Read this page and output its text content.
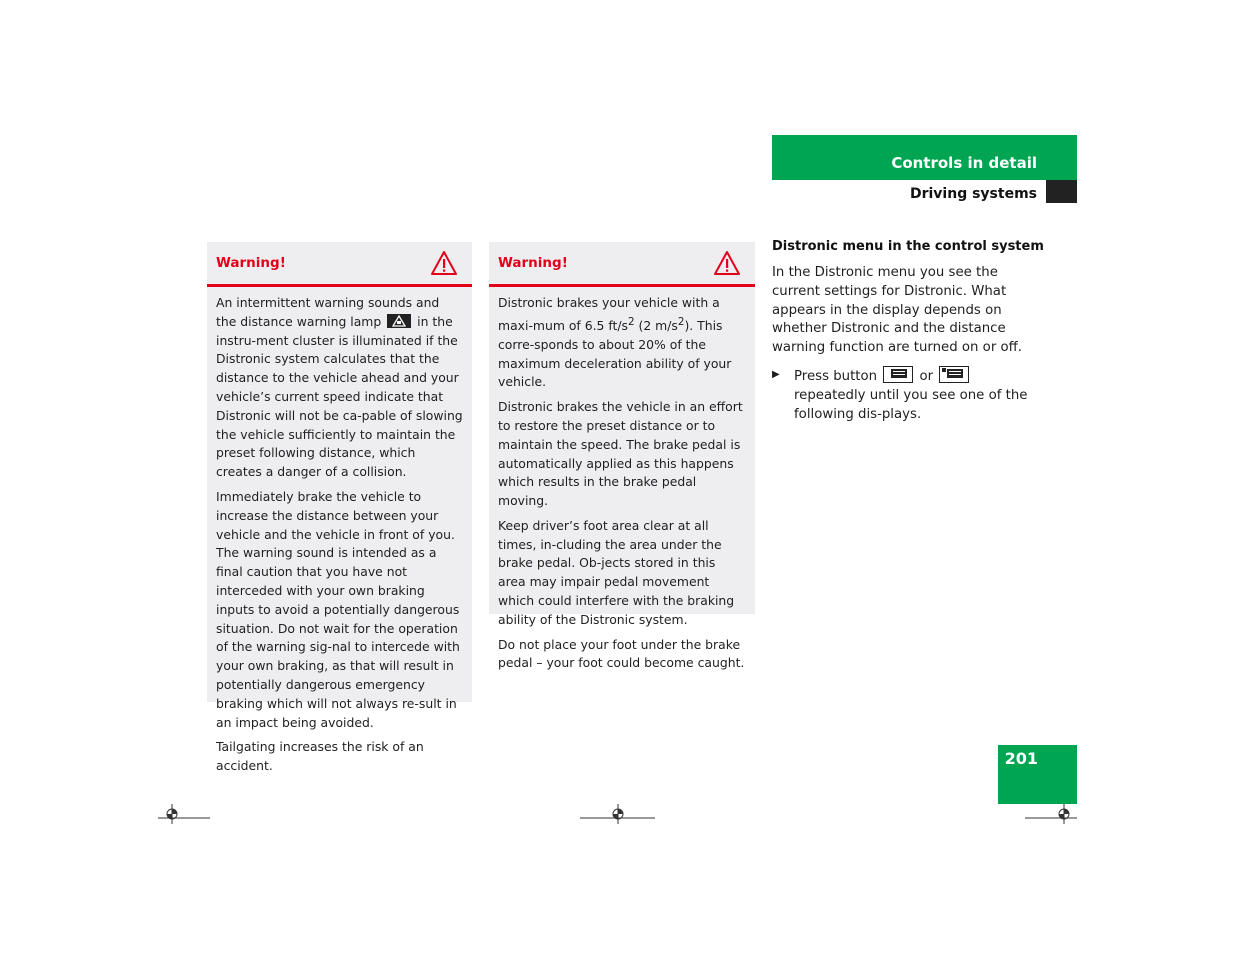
Controls in detail
Driving systems
Warning!

An intermittent warning sounds and the distance warning lamp
in the instru-ment cluster is illuminated if the Distronic system calculates that the distance to the vehicle ahead and your vehicle’s current speed indicate that Distronic will not be ca-pable of slowing the vehicle sufficiently to maintain the preset following distance, which creates a danger of a collision.

Immediately brake the vehicle to increase the distance between your vehicle and the vehicle in front of you. The warning sound is intended as a final caution that you have not interceded with your own braking inputs to avoid a potentially dangerous situation. Do not wait for the operation of the warning sig-nal to intercede with your own braking, as that will result in potentially dangerous emergency braking which will not always re-sult in an impact being avoided.

Tailgating increases the risk of an accident.

Warning!

Distronic brakes your vehicle with a maxi-mum of 6.5 $ft/s^2$ (2 $m/s^2$). This corre-sponds to about 20% of the maximum deceleration ability of your vehicle.

Distronic brakes the vehicle in an effort to restore the preset distance or to maintain the speed. The brake pedal is automatically applied as this happens which results in the brake pedal moving.

Keep driver’s foot area clear at all times, in-cluding the area under the brake pedal. Ob-jects stored in this area may impair pedal movement which could interfere with the braking ability of the Distronic system.

Do not place your foot under the brake pedal – your foot could become caught.

Distronic menu in the control system

In the Distronic menu you see the current settings for Distronic. What appears in the display depends on whether Distronic and the distance warning function are turned on or off.

▶ Press button	or
repeatedly until you see one of the following dis-plays.
201
